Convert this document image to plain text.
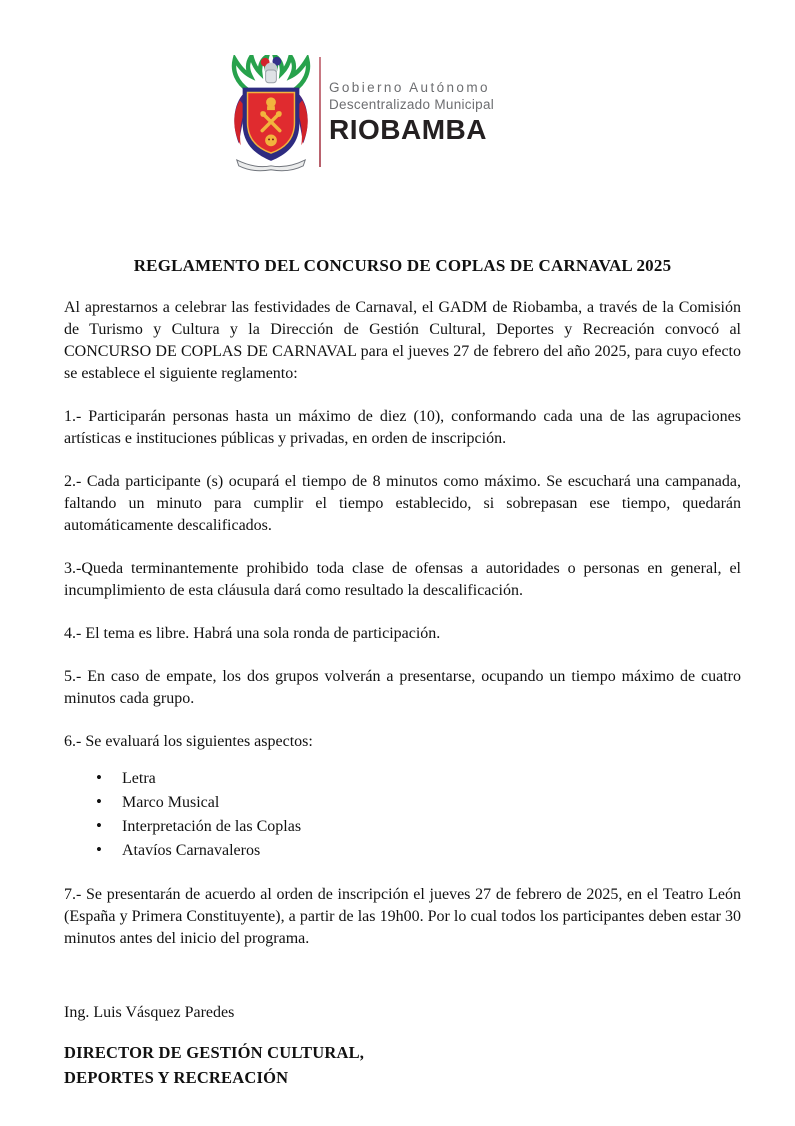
Gobierno Autónomo
Descentralizado Municipal
RIOBAMBA
REGLAMENTO DEL CONCURSO DE COPLAS DE CARNAVAL 2025

Al aprestarnos a celebrar las festividades de Carnaval, el GADM de Riobamba, a través de la Comisión de Turismo y Cultura y la Dirección de Gestión Cultural, Deportes y Recreación convocó al CONCURSO DE COPLAS DE CARNAVAL para el jueves 27 de febrero del año 2025, para cuyo efecto se establece el siguiente reglamento:

1.- Participarán personas hasta un máximo de diez (10), conformando cada una de las agrupaciones artísticas e instituciones públicas y privadas, en orden de inscripción.

2.- Cada participante (s) ocupará el tiempo de 8 minutos como máximo. Se escuchará una campanada, faltando un minuto para cumplir el tiempo establecido, si sobrepasan ese tiempo, quedarán automáticamente descalificados.

3.-Queda terminantemente prohibido toda clase de ofensas a autoridades o personas en general, el incumplimiento de esta cláusula dará como resultado la descalificación.

4.- El tema es libre. Habrá una sola ronda de participación.

5.- En caso de empate, los dos grupos volverán a presentarse, ocupando un tiempo máximo de cuatro minutos cada grupo.

6.- Se evaluará los siguientes aspectos:

• Letra
• Marco Musical
• Interpretación de las Coplas
• Atavíos Carnavaleros

7.- Se presentarán de acuerdo al orden de inscripción el jueves 27 de febrero de 2025, en el Teatro León (España y Primera Constituyente), a partir de las 19h00. Por lo cual todos los participantes deben estar 30 minutos antes del inicio del programa.

Ing. Luis Vásquez Paredes

DIRECTOR DE GESTIÓN CULTURAL,

DEPORTES Y RECREACIÓN
